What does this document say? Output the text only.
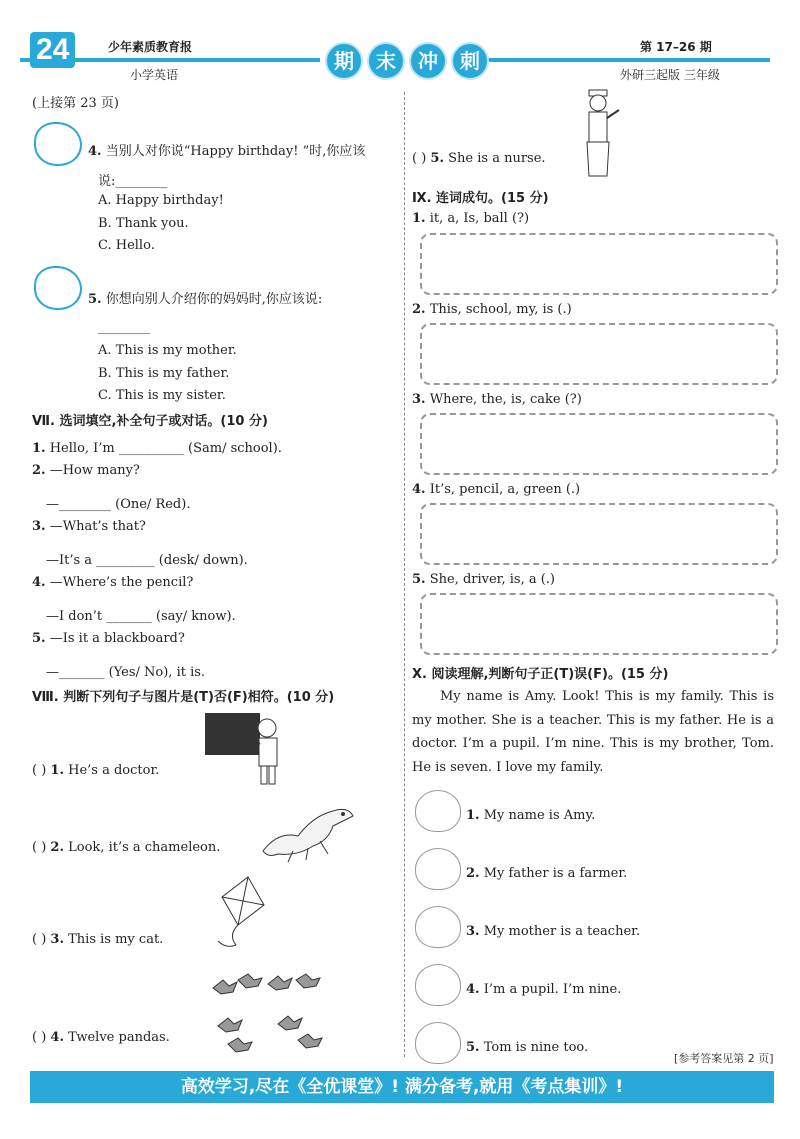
24	少年素质教育报
小学英语
期	末	冲	刺
第 17–26 期
外研三起版 三年级
(上接第 23 页)
4. 当别人对你说“Happy birthday! ”时,你应该
说:________
A. Happy birthday!
B. Thank you.
C. Hello.
5. 你想向别人介绍你的妈妈时,你应该说:
________
A. This is my mother.
B. This is my father.
C. This is my sister.
Ⅶ. 选词填空,补全句子或对话。(10 分)
1. Hello, I’m __________ (Sam/ school).
2. —How many?
—________ (One/ Red).
3. —What’s that?
—It’s a _________ (desk/ down).
4. —Where’s the pencil?
—I don’t _______ (say/ know).
5. —Is it a blackboard?
—_______ (Yes/ No), it is.
Ⅷ. 判断下列句子与图片是(T)否(F)相符。(10 分)
( ) 1. He’s a doctor.
( ) 2. Look, it’s a chameleon.
( ) 3. This is my cat.
( ) 4. Twelve pandas.
( ) 5. She is a nurse.
Ⅸ. 连词成句。(15 分)
1. it, a, Is, ball (?)
2. This, school, my, is (.)
3. Where, the, is, cake (?)
4. It’s, pencil, a, green (.)
5. She, driver, is, a (.)
Ⅹ. 阅读理解,判断句子正(T)误(F)。(15 分)
My name is Amy. Look! This is my family. This is my mother. She is a teacher. This is my father. He is a doctor. I’m a pupil. I’m nine. This is my brother, Tom. He is seven. I love my family.
1. My name is Amy.
2. My father is a farmer.
3. My mother is a teacher.
4. I’m a pupil. I’m nine.
5. Tom is nine too.
[参考答案见第 2 页]
高效学习,尽在《全优课堂》! 满分备考,就用《考点集训》!
